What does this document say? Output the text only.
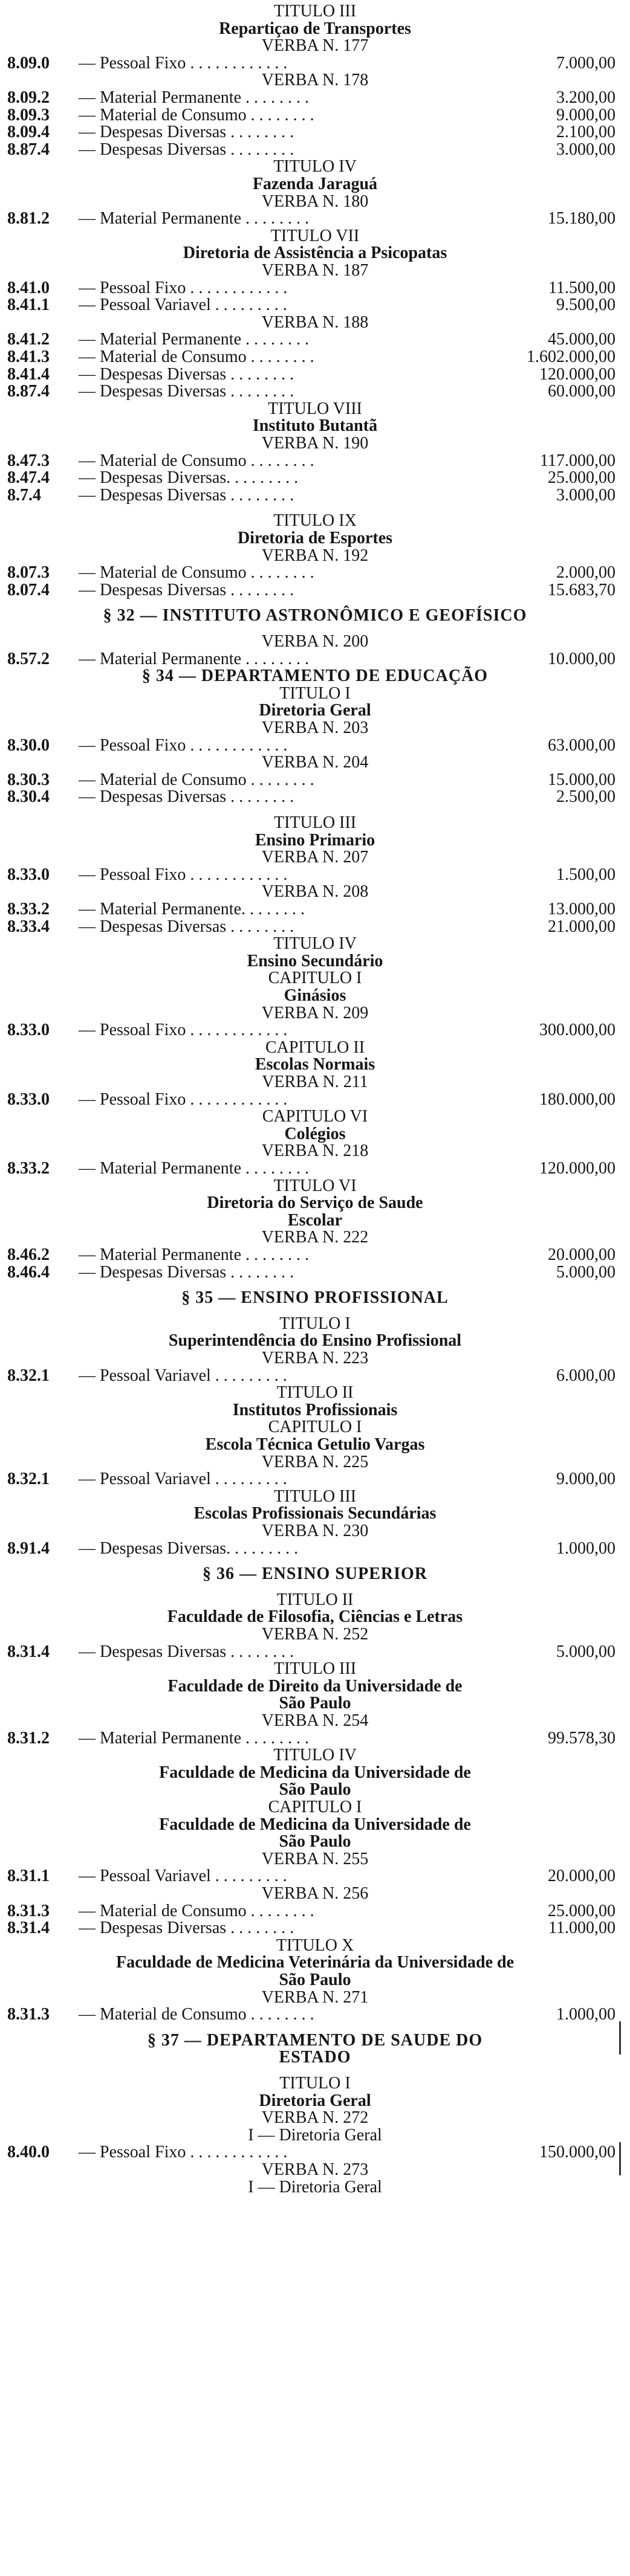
TITULO III
Repartiçao de Transportes
VERBA N. 177
8.09.0 — Pessoal Fixo . . . . . . . . . . . .	7.000,00
VERBA N. 178
8.09.2 — Material Permanente . . . . . . . .	3.200,00
8.09.3 — Material de Consumo . . . . . . . .	9.000,00
8.09.4 — Despesas Diversas . . . . . . . .	2.100,00
8.87.4 — Despesas Diversas . . . . . . . .	3.000,00
TITULO IV
Fazenda Jaraguá
VERBA N. 180
8.81.2 — Material Permanente . . . . . . . .	15.180,00
TITULO VII
Diretoria de Assistência a Psicopatas
VERBA N. 187
8.41.0 — Pessoal Fixo . . . . . . . . . . . .	11.500,00
8.41.1 — Pessoal Variavel . . . . . . . . .	9.500,00
VERBA N. 188
8.41.2 — Material Permanente . . . . . . . .	45.000,00
8.41.3 — Material de Consumo . . . . . . . .	1.602.000,00
8.41.4 — Despesas Diversas . . . . . . . .	120.000,00
8.87.4 — Despesas Diversas . . . . . . . .	60.000,00
TITULO VIII
Instituto Butantã
VERBA N. 190
8.47.3 — Material de Consumo . . . . . . . .	117.000,00
8.47.4 — Despesas Diversas. . . . . . . . .	25.000,00
8.7.4 — Despesas Diversas . . . . . . . .	3.000,00
TITULO IX
Diretoria de Esportes
VERBA N. 192
8.07.3 — Material de Consumo . . . . . . . .	2.000,00
8.07.4 — Despesas Diversas . . . . . . . .	15.683,70
§ 32 — INSTITUTO ASTRONÔMICO E GEOFÍSICO
VERBA N. 200
8.57.2 — Material Permanente . . . . . . . .	10.000,00
§ 34 — DEPARTAMENTO DE EDUCAÇÃO
TITULO I
Diretoria Geral
VERBA N. 203
8.30.0 — Pessoal Fixo . . . . . . . . . . . .	63.000,00
VERBA N. 204
8.30.3 — Material de Consumo . . . . . . . .	15.000,00
8.30.4 — Despesas Diversas . . . . . . . .	2.500,00
TITULO III
Ensino Primario
VERBA N. 207
8.33.0 — Pessoal Fixo . . . . . . . . . . . .	1.500,00
VERBA N. 208
8.33.2 — Material Permanente. . . . . . . .	13.000,00
8.33.4 — Despesas Diversas . . . . . . . .	21.000,00
TITULO IV
Ensino Secundário
CAPITULO I
Ginásios
VERBA N. 209
8.33.0 — Pessoal Fixo . . . . . . . . . . . .	300.000,00
CAPITULO II
Escolas Normais
VERBA N. 211
8.33.0 — Pessoal Fixo . . . . . . . . . . . .	180.000,00
CAPITULO VI
Colégios
VERBA N. 218
8.33.2 — Material Permanente . . . . . . . .	120.000,00
TITULO VI
Diretoria do Serviço de Saude
Escolar
VERBA N. 222
8.46.2 — Material Permanente . . . . . . . .	20.000,00
8.46.4 — Despesas Diversas . . . . . . . .	5.000,00
§ 35 — ENSINO PROFISSIONAL
TITULO I
Superintendência do Ensino Profissional
VERBA N. 223
8.32.1 — Pessoal Variavel . . . . . . . . .	6.000,00
TITULO II
Institutos Profissionais
CAPITULO I
Escola Técnica Getulio Vargas
VERBA N. 225
8.32.1 — Pessoal Variavel . . . . . . . . .	9.000,00
TITULO III
Escolas Profissionais Secundárias
VERBA N. 230
8.91.4 — Despesas Diversas. . . . . . . . .	1.000,00
§ 36 — ENSINO SUPERIOR
TITULO II
Faculdade de Filosofia, Ciências e Letras
VERBA N. 252
8.31.4 — Despesas Diversas . . . . . . . .	5.000,00
TITULO III
Faculdade de Direito da Universidade de
São Paulo
VERBA N. 254
8.31.2 — Material Permanente . . . . . . . .	99.578,30
TITULO IV
Faculdade de Medicina da Universidade de
São Paulo
CAPITULO I
Faculdade de Medicina da Universidade de
São Paulo
VERBA N. 255
8.31.1 — Pessoal Variavel . . . . . . . . .	20.000,00
VERBA N. 256
8.31.3 — Material de Consumo . . . . . . . .	25.000,00
8.31.4 — Despesas Diversas . . . . . . . .	11.000,00
TITULO X
Faculdade de Medicina Veterinária da Universidade de
São Paulo
VERBA N. 271
8.31.3 — Material de Consumo . . . . . . . .	1.000,00
§ 37 — DEPARTAMENTO DE SAUDE DO
ESTADO
TITULO I
Diretoria Geral
VERBA N. 272
I — Diretoria Geral
8.40.0 — Pessoal Fixo . . . . . . . . . . . .	150.000,00
VERBA N. 273
I — Diretoria Geral
